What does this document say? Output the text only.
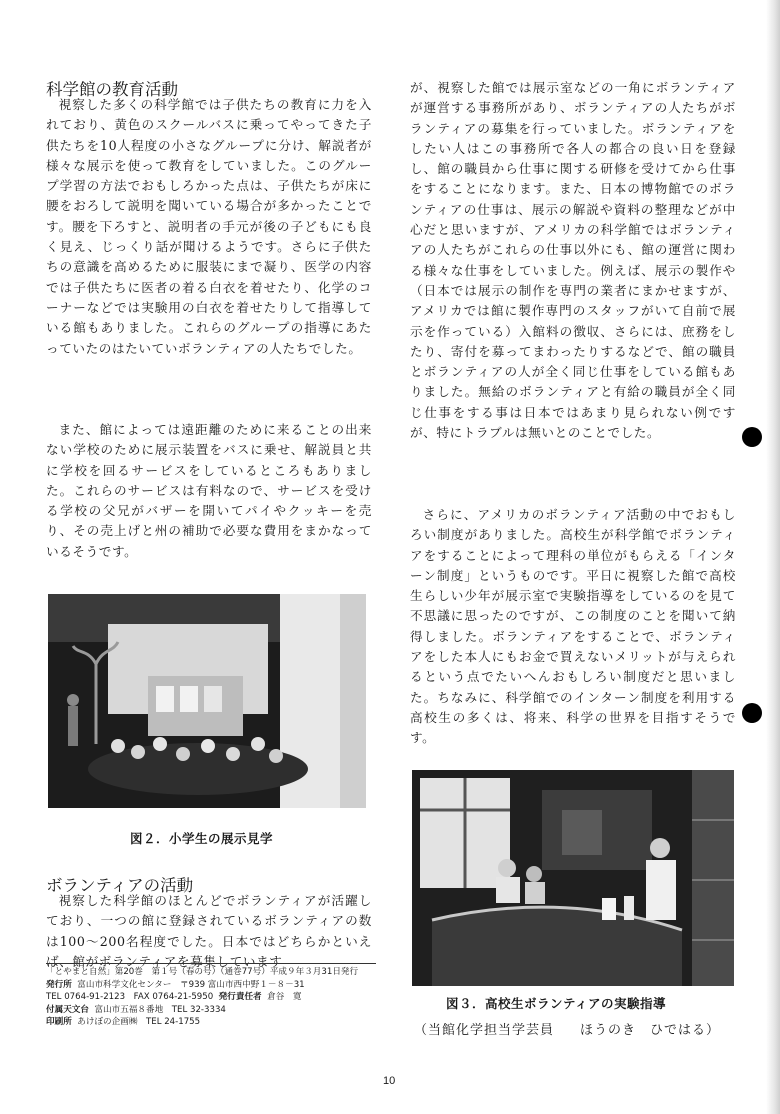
科学館の教育活動

視察した多くの科学館では子供たちの教育に力を入れており、黄色のスクールバスに乗ってやってきた子供たちを10人程度の小さなグループに分け、解説者が様々な展示を使って教育をしていました。このグループ学習の方法でおもしろかった点は、子供たちが床に腰をおろして説明を聞いている場合が多かったことです。腰を下ろすと、説明者の手元が後の子どもにも良く見え、じっくり話が聞けるようです。さらに子供たちの意識を高めるために服装にまで凝り、医学の内容では子供たちに医者の着る白衣を着せたり、化学のコーナーなどでは実験用の白衣を着せたりして指導している館もありました。これらのグループの指導にあたっていたのはたいていボランティアの人たちでした。

また、館によっては遠距離のために来ることの出来ない学校のために展示装置をバスに乗せ、解説員と共に学校を回るサービスをしているところもありました。これらのサービスは有料なので、サービスを受ける学校の父兄がバザーを開いてパイやクッキーを売り、その売上げと州の補助で必要な費用をまかなっているそうです。

図２．小学生の展示見学
ボランティアの活動

視察した科学館のほとんどでボランティアが活躍しており、一つの館に登録されているボランティアの数は100～200名程度でした。日本ではどちらかといえば、館がボランティアを募集しています

が、視察した館では展示室などの一角にボランティアが運営する事務所があり、ボランティアの人たちがボランティアの募集を行っていました。ボランティアをしたい人はこの事務所で各人の都合の良い日を登録し、館の職員から仕事に関する研修を受けてから仕事をすることになります。また、日本の博物館でのボランティアの仕事は、展示の解説や資料の整理などが中心だと思いますが、アメリカの科学館ではボランティアの人たちがこれらの仕事以外にも、館の運営に関わる様々な仕事をしていました。例えば、展示の製作や（日本では展示の制作を専門の業者にまかせますが、アメリカでは館に製作専門のスタッフがいて自前で展示を作っている）入館料の徴収、さらには、庶務をしたり、寄付を募ってまわったりするなどで、館の職員とボランティアの人が全く同じ仕事をしている館もありました。無給のボランティアと有給の職員が全く同じ仕事をする事は日本ではあまり見られない例ですが、特にトラブルは無いとのことでした。

さらに、アメリカのボランティア活動の中でおもしろい制度がありました。高校生が科学館でボランティアをすることによって理科の単位がもらえる「インターン制度」というものです。平日に視察した館で高校生らしい少年が展示室で実験指導をしているのを見て不思議に思ったのですが、この制度のことを聞いて納得しました。ボランティアをすることで、ボランティアをした本人にもお金で買えないメリットが与えられるという点でたいへんおもしろい制度だと思いました。ちなみに、科学館でのインターン制度を利用する高校生の多くは、将来、科学の世界を目指すそうです。

図３．高校生ボランティアの実験指導
（当館化学担当学芸員 ほうのき　ひではる）
「とやまと自然」第20巻　第１号（春の号）（通巻77号）平成９年３月31日発行
発行所 富山市科学文化センター　〒939 富山市西中野１－８－31
TEL 0764-91-2123　FAX 0764-21-5950 発行責任者 倉谷　寛
付属天文台 富山市五福８番地　TEL 32-3334
印刷所 あけぼの企画㈱　TEL 24-1755
10
